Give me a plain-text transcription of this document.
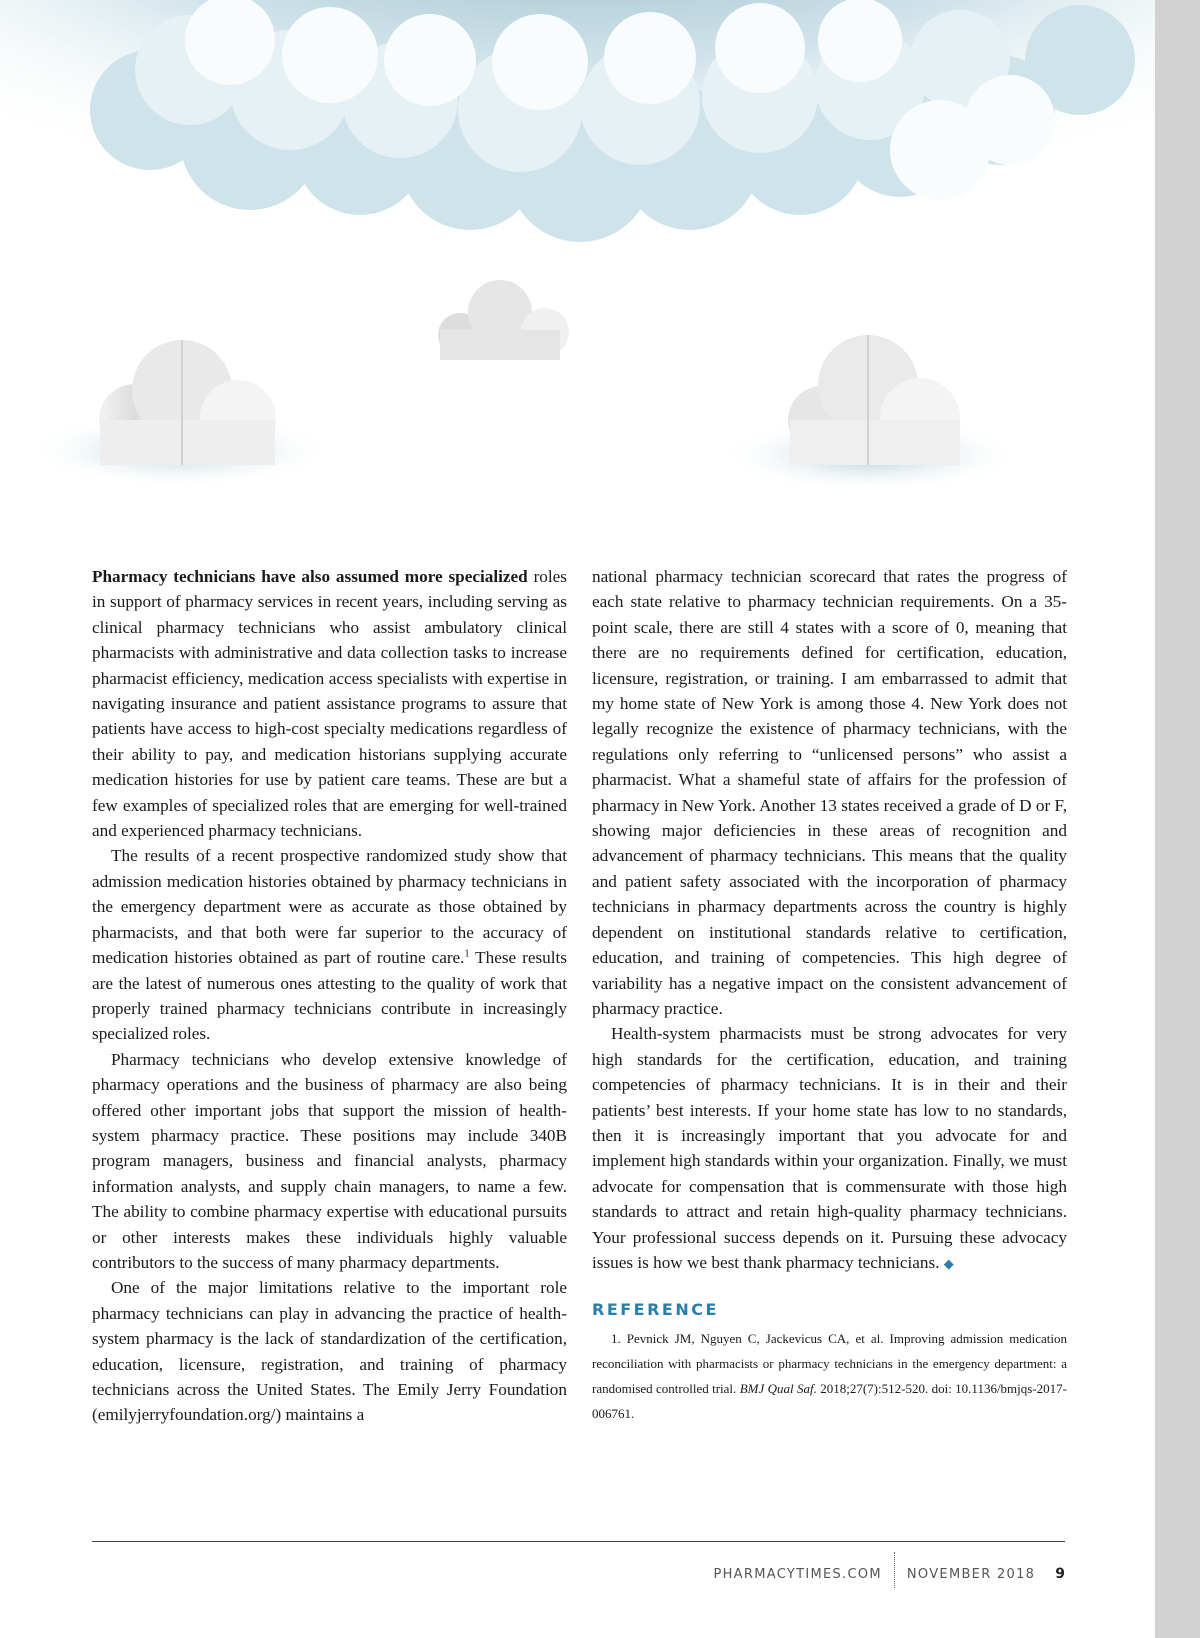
Pharmacy technicians have also assumed more specialized roles in support of pharmacy services in recent years, including serving as clinical pharmacy technicians who assist ambulatory clinical pharmacists with administrative and data collection tasks to increase pharmacist efficiency, medication access specialists with expertise in navigating insurance and patient assistance programs to assure that patients have access to high-cost specialty medications regardless of their ability to pay, and medication historians supplying accurate medication histories for use by patient care teams. These are but a few examples of specialized roles that are emerging for well-trained and experienced pharmacy technicians.

The results of a recent prospective randomized study show that admission medication histories obtained by pharmacy technicians in the emergency department were as accurate as those obtained by pharmacists, and that both were far superior to the accuracy of medication histories obtained as part of routine care.$^1$ These results are the latest of numerous ones attesting to the quality of work that properly trained pharmacy technicians contribute in increasingly specialized roles.

Pharmacy technicians who develop extensive knowledge of pharmacy operations and the business of pharmacy are also being offered other important jobs that support the mission of health-system pharmacy practice. These positions may include 340B program managers, business and financial analysts, pharmacy information analysts, and supply chain managers, to name a few. The ability to combine pharmacy expertise with educational pursuits or other interests makes these individuals highly valuable contributors to the success of many pharmacy departments.

One of the major limitations relative to the important role pharmacy technicians can play in advancing the practice of health-system pharmacy is the lack of standardization of the certification, education, licensure, registration, and training of pharmacy technicians across the United States. The Emily Jerry Foundation (emilyjerryfoundation.org/) maintains a

national pharmacy technician scorecard that rates the progress of each state relative to pharmacy technician requirements. On a 35-point scale, there are still 4 states with a score of 0, meaning that there are no requirements defined for certification, education, licensure, registration, or training. I am embarrassed to admit that my home state of New York is among those 4. New York does not legally recognize the existence of pharmacy technicians, with the regulations only referring to “unlicensed persons” who assist a pharmacist. What a shameful state of affairs for the profession of pharmacy in New York. Another 13 states received a grade of D or F, showing major deficiencies in these areas of recognition and advancement of pharmacy technicians. This means that the quality and patient safety associated with the incorporation of pharmacy technicians in pharmacy departments across the country is highly dependent on institutional standards relative to certification, education, and training of competencies. This high degree of variability has a negative impact on the consistent advancement of pharmacy practice.

Health-system pharmacists must be strong advocates for very high standards for the certification, education, and training competencies of pharmacy technicians. It is in their and their patients’ best interests. If your home state has low to no standards, then it is increasingly important that you advocate for and implement high standards within your organization. Finally, we must advocate for compensation that is commensurate with those high standards to attract and retain high-quality pharmacy technicians. Your professional success depends on it. Pursuing these advocacy issues is how we best thank pharmacy technicians. ◆

REFERENCE

1. Pevnick JM, Nguyen C, Jackevicus CA, et al. Improving admission medication reconciliation with pharmacists or pharmacy technicians in the emergency department: a randomised controlled trial. BMJ Qual Saf. 2018;27(7):512-520. doi: 10.1136/bmjqs-2017-006761.

PHARMACYTIMES.COM NOVEMBER 2018 9
